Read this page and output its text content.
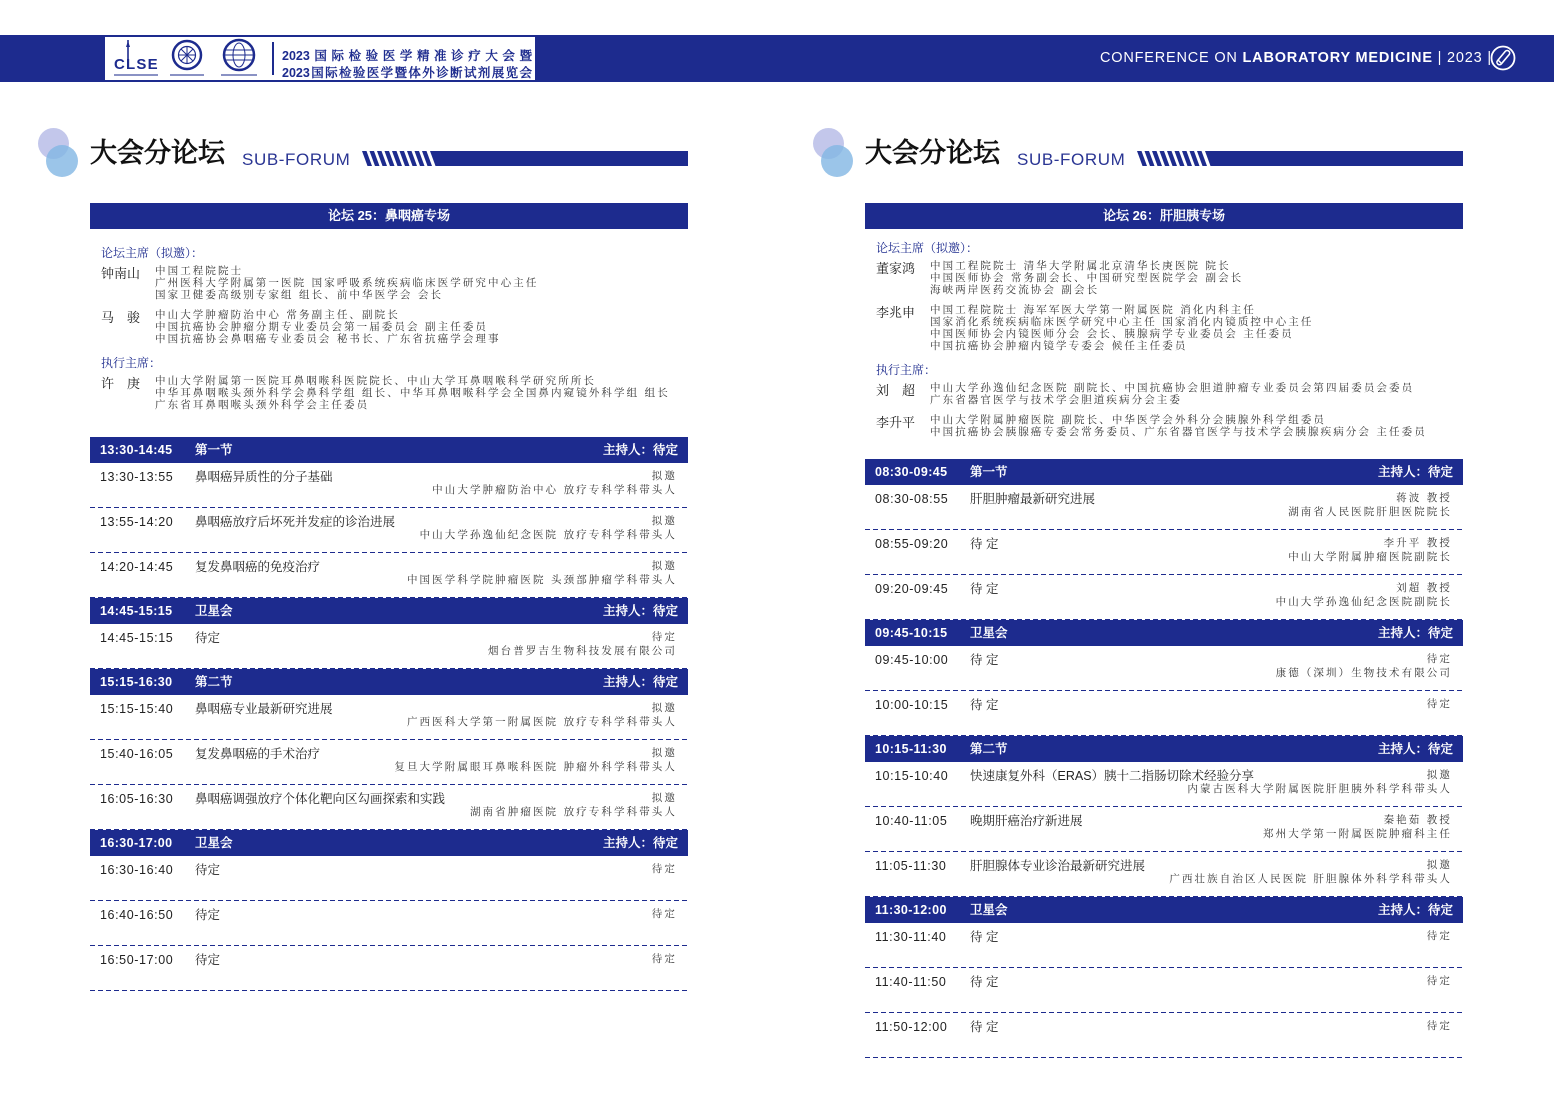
CLSE	2023国际检验医学精准诊疗大会暨
2023国际检验医学暨体外诊断试剂展览会
CONFERENCE ON LABORATORY MEDICINE | 2023 |
大会分论坛 SUB-FORUM
论坛 25：鼻咽癌专场
论坛主席（拟邀）：
钟南山	中国工程院院士
广州医科大学附属第一医院 国家呼吸系统疾病临床医学研究中心主任
国家卫健委高级别专家组 组长、前中华医学会 会长
马 骏	中山大学肿瘤防治中心 常务副主任、副院长
中国抗癌协会肿瘤分期专业委员会第一届委员会 副主任委员
中国抗癌协会鼻咽癌专业委员会 秘书长、广东省抗癌学会理事
执行主席：
许 庚	中山大学附属第一医院耳鼻咽喉科医院院长、中山大学耳鼻咽喉科学研究所所长
中华耳鼻咽喉头颈外科学会鼻科学组 组长、中华耳鼻咽喉科学会全国鼻内窥镜外科学组 组长
广东省耳鼻咽喉头颈外科学会主任委员
13:30-14:45 第一节	主持人：待定
13:30-13:55 鼻咽癌异质性的分子基础	拟邀
中山大学肿瘤防治中心 放疗专科学科带头人
13:55-14:20 鼻咽癌放疗后坏死并发症的诊治进展	拟邀
中山大学孙逸仙纪念医院 放疗专科学科带头人
14:20-14:45 复发鼻咽癌的免疫治疗	拟邀
中国医学科学院肿瘤医院 头颈部肿瘤学科带头人
14:45-15:15 卫星会	主持人：待定
14:45-15:15 待定	待定
烟台普罗吉生物科技发展有限公司
15:15-16:30 第二节	主持人：待定
15:15-15:40 鼻咽癌专业最新研究进展	拟邀
广西医科大学第一附属医院 放疗专科学科带头人
15:40-16:05 复发鼻咽癌的手术治疗	拟邀
复旦大学附属眼耳鼻喉科医院 肿瘤外科学科带头人
16:05-16:30 鼻咽癌调强放疗个体化靶向区勾画探索和实践	拟邀
湖南省肿瘤医院 放疗专科学科带头人
16:30-17:00 卫星会	主持人：待定
16:30-16:40 待定	待定
16:40-16:50 待定	待定
16:50-17:00 待定	待定
大会分论坛 SUB-FORUM
论坛 26：肝胆胰专场
论坛主席（拟邀）：
董家鸿	中国工程院院士 清华大学附属北京清华长庚医院 院长
中国医师协会 常务副会长、中国研究型医院学会 副会长
海峡两岸医药交流协会 副会长
李兆申	中国工程院院士 海军军医大学第一附属医院 消化内科主任
国家消化系统疾病临床医学研究中心主任 国家消化内镜质控中心主任
中国医师协会内镜医师分会 会长、胰腺病学专业委员会 主任委员
中国抗癌协会肿瘤内镜学专委会 候任主任委员
执行主席：
刘 超	中山大学孙逸仙纪念医院 副院长、中国抗癌协会胆道肿瘤专业委员会第四届委员会委员
广东省器官医学与技术学会胆道疾病分会主委
李升平	中山大学附属肿瘤医院 副院长、中华医学会外科分会胰腺外科学组委员
中国抗癌协会胰腺癌专委会常务委员、广东省器官医学与技术学会胰腺疾病分会 主任委员
08:30-09:45 第一节	主持人：待定
08:30-08:55 肝胆肿瘤最新研究进展	蒋波 教授
湖南省人民医院肝胆医院院长
08:55-09:20 待 定	李升平 教授
中山大学附属肿瘤医院副院长
09:20-09:45 待 定	刘超 教授
中山大学孙逸仙纪念医院副院长
09:45-10:15 卫星会	主持人：待定
09:45-10:00 待 定	待定
康德（深圳）生物技术有限公司
10:00-10:15 待 定	待定
10:15-11:30 第二节	主持人：待定
10:15-10:40 快速康复外科（ERAS）胰十二指肠切除术经验分享	拟邀
内蒙古医科大学附属医院肝胆胰外科学科带头人
10:40-11:05 晚期肝癌治疗新进展	秦艳茹 教授
郑州大学第一附属医院肿瘤科主任
11:05-11:30 肝胆腺体专业诊治最新研究进展	拟邀
广西壮族自治区人民医院 肝胆腺体外科学科带头人
11:30-12:00 卫星会	主持人：待定
11:30-11:40 待 定	待定
11:40-11:50 待 定	待定
11:50-12:00 待 定	待定
